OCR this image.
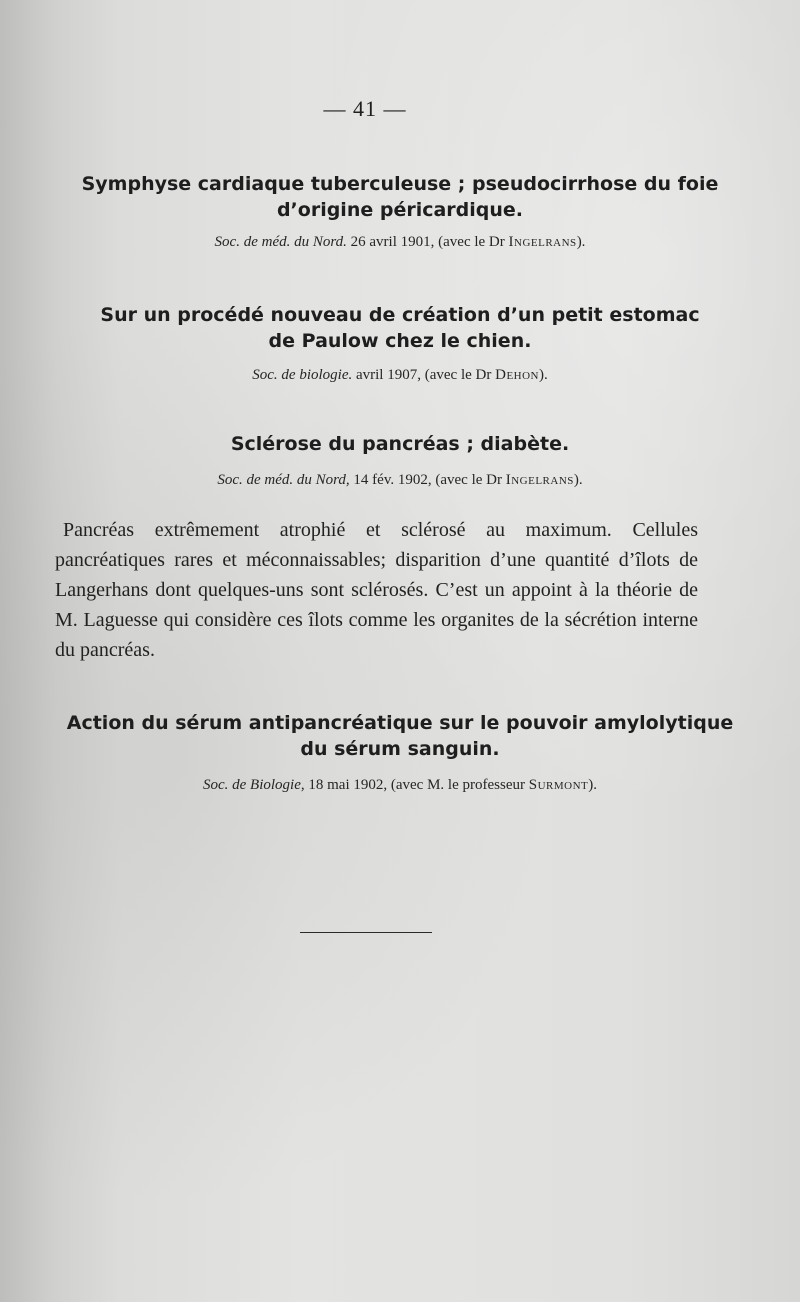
— 41 —
Symphyse cardiaque tuberculeuse ; pseudocirrhose du foie
d’origine péricardique.
Soc. de méd. du Nord. 26 avril 1901, (avec le Dr Ingelrans).
Sur un procédé nouveau de création d’un petit estomac
de Paulow chez le chien.
Soc. de biologie. avril 1907, (avec le Dr Dehon).
Sclérose du pancréas ; diabète.
Soc. de méd. du Nord, 14 fév. 1902, (avec le Dr Ingelrans).

Pancréas extrêmement atrophié et sclérosé au maximum. Cellules pancréatiques rares et méconnaissables; disparition d’une quantité d’îlots de Langerhans dont quelques-uns sont sclérosés. C’est un appoint à la théorie de M. Laguesse qui considère ces îlots comme les organites de la sécrétion interne du pancréas.

Action du sérum antipancréatique sur le pouvoir amylolytique
du sérum sanguin.
Soc. de Biologie, 18 mai 1902, (avec M. le professeur Surmont).
